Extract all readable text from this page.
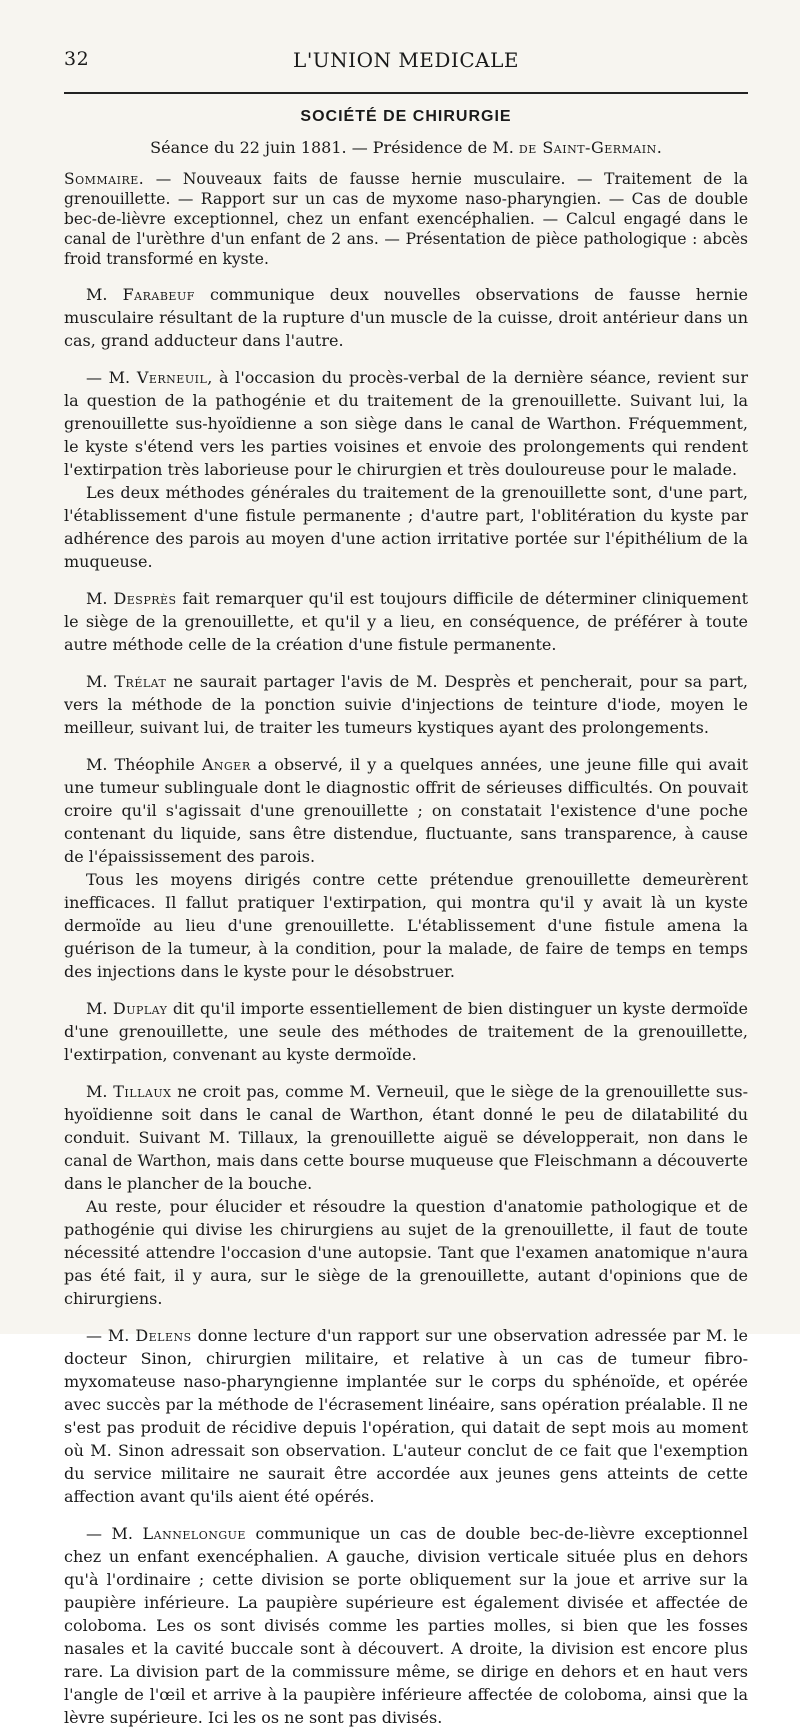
32	L'UNION MEDICALE
SOCIÉTÉ DE CHIRURGIE
Séance du 22 juin 1881. — Présidence de M. de Saint-Germain.

Sommaire. — Nouveaux faits de fausse hernie musculaire. — Traitement de la grenouillette. — Rapport sur un cas de myxome naso-pharyngien. — Cas de double bec-de-lièvre exceptionnel, chez un enfant exencéphalien. — Calcul engagé dans le canal de l'urèthre d'un enfant de 2 ans. — Présentation de pièce pathologique : abcès froid transformé en kyste.

M. Farabeuf communique deux nouvelles observations de fausse hernie musculaire résultant de la rupture d'un muscle de la cuisse, droit antérieur dans un cas, grand adducteur dans l'autre.

— M. Verneuil, à l'occasion du procès-verbal de la dernière séance, revient sur la question de la pathogénie et du traitement de la grenouillette. Suivant lui, la grenouillette sus-hyoïdienne a son siège dans le canal de Warthon. Fréquemment, le kyste s'étend vers les parties voisines et envoie des prolongements qui rendent l'extirpation très laborieuse pour le chirurgien et très douloureuse pour le malade.

Les deux méthodes générales du traitement de la grenouillette sont, d'une part, l'établissement d'une fistule permanente ; d'autre part, l'oblitération du kyste par adhérence des parois au moyen d'une action irritative portée sur l'épithélium de la muqueuse.

M. Desprès fait remarquer qu'il est toujours difficile de déterminer cliniquement le siège de la grenouillette, et qu'il y a lieu, en conséquence, de préférer à toute autre méthode celle de la création d'une fistule permanente.

M. Trélat ne saurait partager l'avis de M. Desprès et pencherait, pour sa part, vers la méthode de la ponction suivie d'injections de teinture d'iode, moyen le meilleur, suivant lui, de traiter les tumeurs kystiques ayant des prolongements.

M. Théophile Anger a observé, il y a quelques années, une jeune fille qui avait une tumeur sublinguale dont le diagnostic offrit de sérieuses difficultés. On pouvait croire qu'il s'agissait d'une grenouillette ; on constatait l'existence d'une poche contenant du liquide, sans être distendue, fluctuante, sans transparence, à cause de l'épaississement des parois.

Tous les moyens dirigés contre cette prétendue grenouillette demeurèrent inefficaces. Il fallut pratiquer l'extirpation, qui montra qu'il y avait là un kyste dermoïde au lieu d'une grenouillette. L'établissement d'une fistule amena la guérison de la tumeur, à la condition, pour la malade, de faire de temps en temps des injections dans le kyste pour le désobstruer.

M. Duplay dit qu'il importe essentiellement de bien distinguer un kyste dermoïde d'une grenouillette, une seule des méthodes de traitement de la grenouillette, l'extirpation, convenant au kyste dermoïde.

M. Tillaux ne croit pas, comme M. Verneuil, que le siège de la grenouillette sus-hyoïdienne soit dans le canal de Warthon, étant donné le peu de dilatabilité du conduit. Suivant M. Tillaux, la grenouillette aiguë se développerait, non dans le canal de Warthon, mais dans cette bourse muqueuse que Fleischmann a découverte dans le plancher de la bouche.

Au reste, pour élucider et résoudre la question d'anatomie pathologique et de pathogénie qui divise les chirurgiens au sujet de la grenouillette, il faut de toute nécessité attendre l'occasion d'une autopsie. Tant que l'examen anatomique n'aura pas été fait, il y aura, sur le siège de la grenouillette, autant d'opinions que de chirurgiens.

— M. Delens donne lecture d'un rapport sur une observation adressée par M. le docteur Sinon, chirurgien militaire, et relative à un cas de tumeur fibro-myxomateuse naso-pharyngienne implantée sur le corps du sphénoïde, et opérée avec succès par la méthode de l'écrasement linéaire, sans opération préalable. Il ne s'est pas produit de récidive depuis l'opération, qui datait de sept mois au moment où M. Sinon adressait son observation. L'auteur conclut de ce fait que l'exemption du service militaire ne saurait être accordée aux jeunes gens atteints de cette affection avant qu'ils aient été opérés.

— M. Lannelongue communique un cas de double bec-de-lièvre exceptionnel chez un enfant exencéphalien. A gauche, division verticale située plus en dehors qu'à l'ordinaire ; cette division se porte obliquement sur la joue et arrive sur la paupière inférieure. La paupière supérieure est également divisée et affectée de coloboma. Les os sont divisés comme les parties molles, si bien que les fosses nasales et la cavité buccale sont à découvert. A droite, la division est encore plus rare. La division part de la commissure même, se dirige en dehors et en haut vers l'angle de l'œil et arrive à la paupière inférieure affectée de coloboma, ainsi que la lèvre supérieure. Ici les os ne sont pas divisés.
